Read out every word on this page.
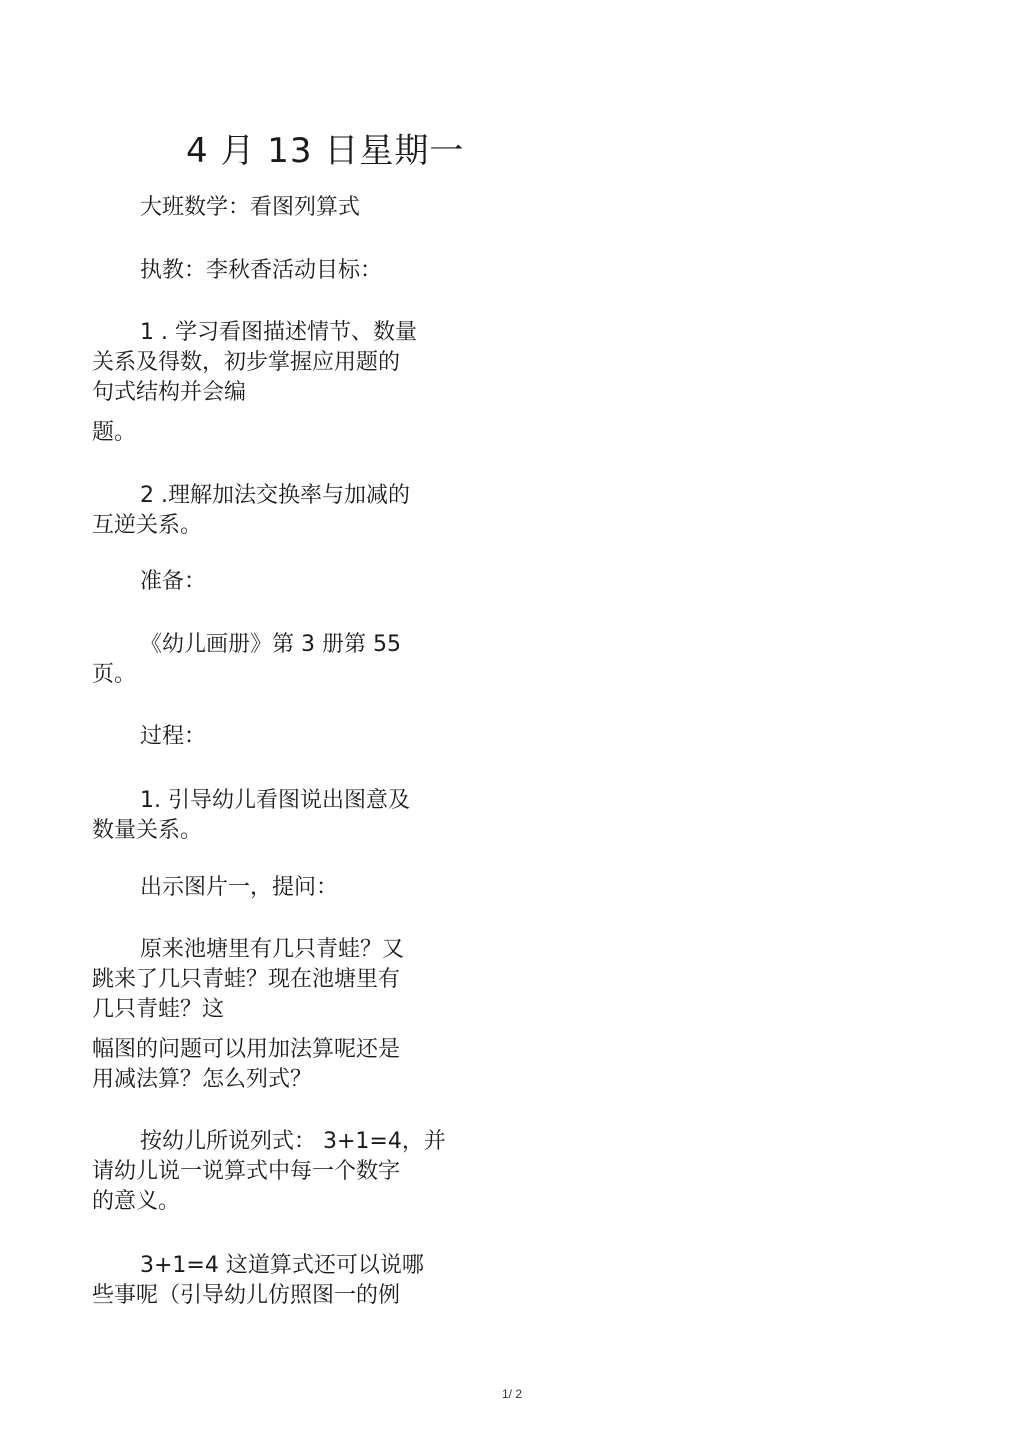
4 月 13 日星期一
大班数学：看图列算式
执教：李秋香活动目标：
1 . 学习看图描述情节、数量
关系及得数，初步掌握应用题的
句式结构并会编
题。
2 .理解加法交换率与加减的
互逆关系。
准备：
《幼儿画册》第 3 册第 55
页。
过程：
1. 引导幼儿看图说出图意及
数量关系。
出示图片一，提问：
原来池塘里有几只青蛙？又
跳来了几只青蛙？现在池塘里有
几只青蛙？这
幅图的问题可以用加法算呢还是
用减法算？怎么列式？
按幼儿所说列式： 3+1=4，并
请幼儿说一说算式中每一个数字
的意义。
3+1=4 这道算式还可以说哪
些事呢（引导幼儿仿照图一的例
1/ 2
